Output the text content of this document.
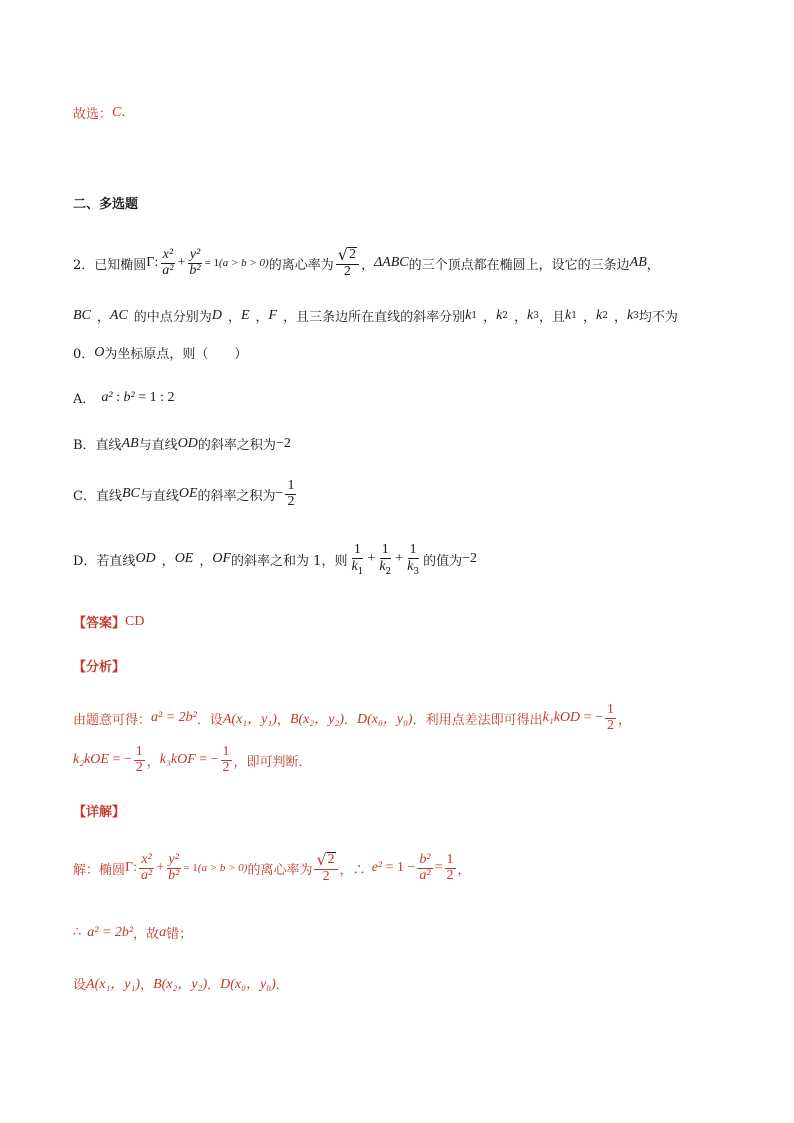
故选： C .
二、多选题
2．已知椭圆 Γ : $\frac{\text{x²}}{\text{a²}} + \frac{\text{y²}}{\text{b²}} = 1$ (a > b > 0) 的离心率为 $\frac{√ 2}{2}$ ， ΔABC 的三个顶点都在椭圆上，设它的三条边 AB ，
BC ， AC 的中点分别为 D ， E ， F ，且三条边所在直线的斜率分别 k 1 ， k 2 ， k 3 ，且 k 1 ， k 2 ， k 3 均不为
0． O 为坐标原点，则（　　）
A． a²
:
b²
= 1 : 2
B．直线 AB 与直线 OD 的斜率之积为 −2
C．直线 BC 与直线 OE 的斜率之积为 − $\frac{1}{2}$
D．若直线 OD ， OE ， OF 的斜率之和为 1，则 $\frac{1}{k_1} + \frac{1}{k_2} + \frac{1}{k_3}$ 的值为 −2
【答案】 CD
【分析】
由题意可得： a² = 2b² ．设 A(x₁，y₁) ， B(x₂，y₂) ． D(x₀，y₀) ．利用点差法即可得出 k₁k OD
= − $\frac{1}{2}$ ，
k₂k OE
= − $\frac{1}{2}$ ， k₃k OF
= − $\frac{1}{2}$ ，即可判断．
【详解】
解：椭圆 Γ : $\frac{\text{x²}}{\text{a²}} + \frac{\text{y²}}{\text{b²}} = 1$ (a > b > 0) 的离心率为 $\frac{√ 2}{2}$ ，∴ e²
= $1 - \frac{\text{b²}}{\text{a²}} = \frac{1}{2}$ ，
∴ a² = 2b² ，故 a 错；
设 A(x₁，y₁) ， B(x₂，y₂) ． D(x₀，y₀) ．
